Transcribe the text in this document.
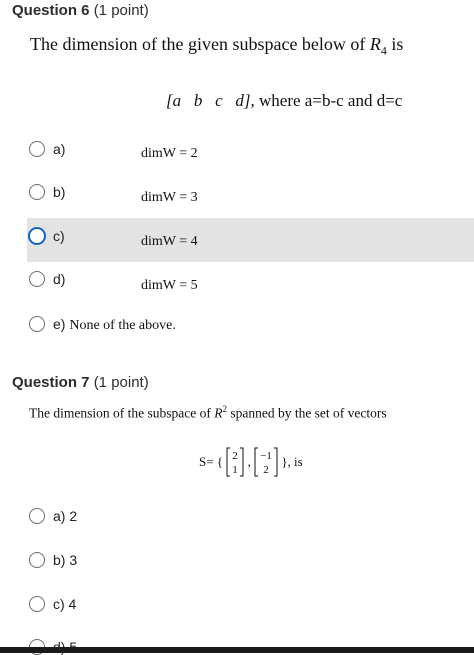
Question 6 (1 point)
The dimension of the given subspace below of $R_4$ is
[a   b   c   d], where a=b-c and d=c
a)	dimW = 2
b)	dimW = 3
c)	dimW = 4
d)	dimW = 5
e) None of the above.
Question 7 (1 point)
The dimension of the subspace of $R^2$ spanned by the set of vectors
S= { 2
1
, −1
2
}, is
a) 2
b) 3
c) 4
